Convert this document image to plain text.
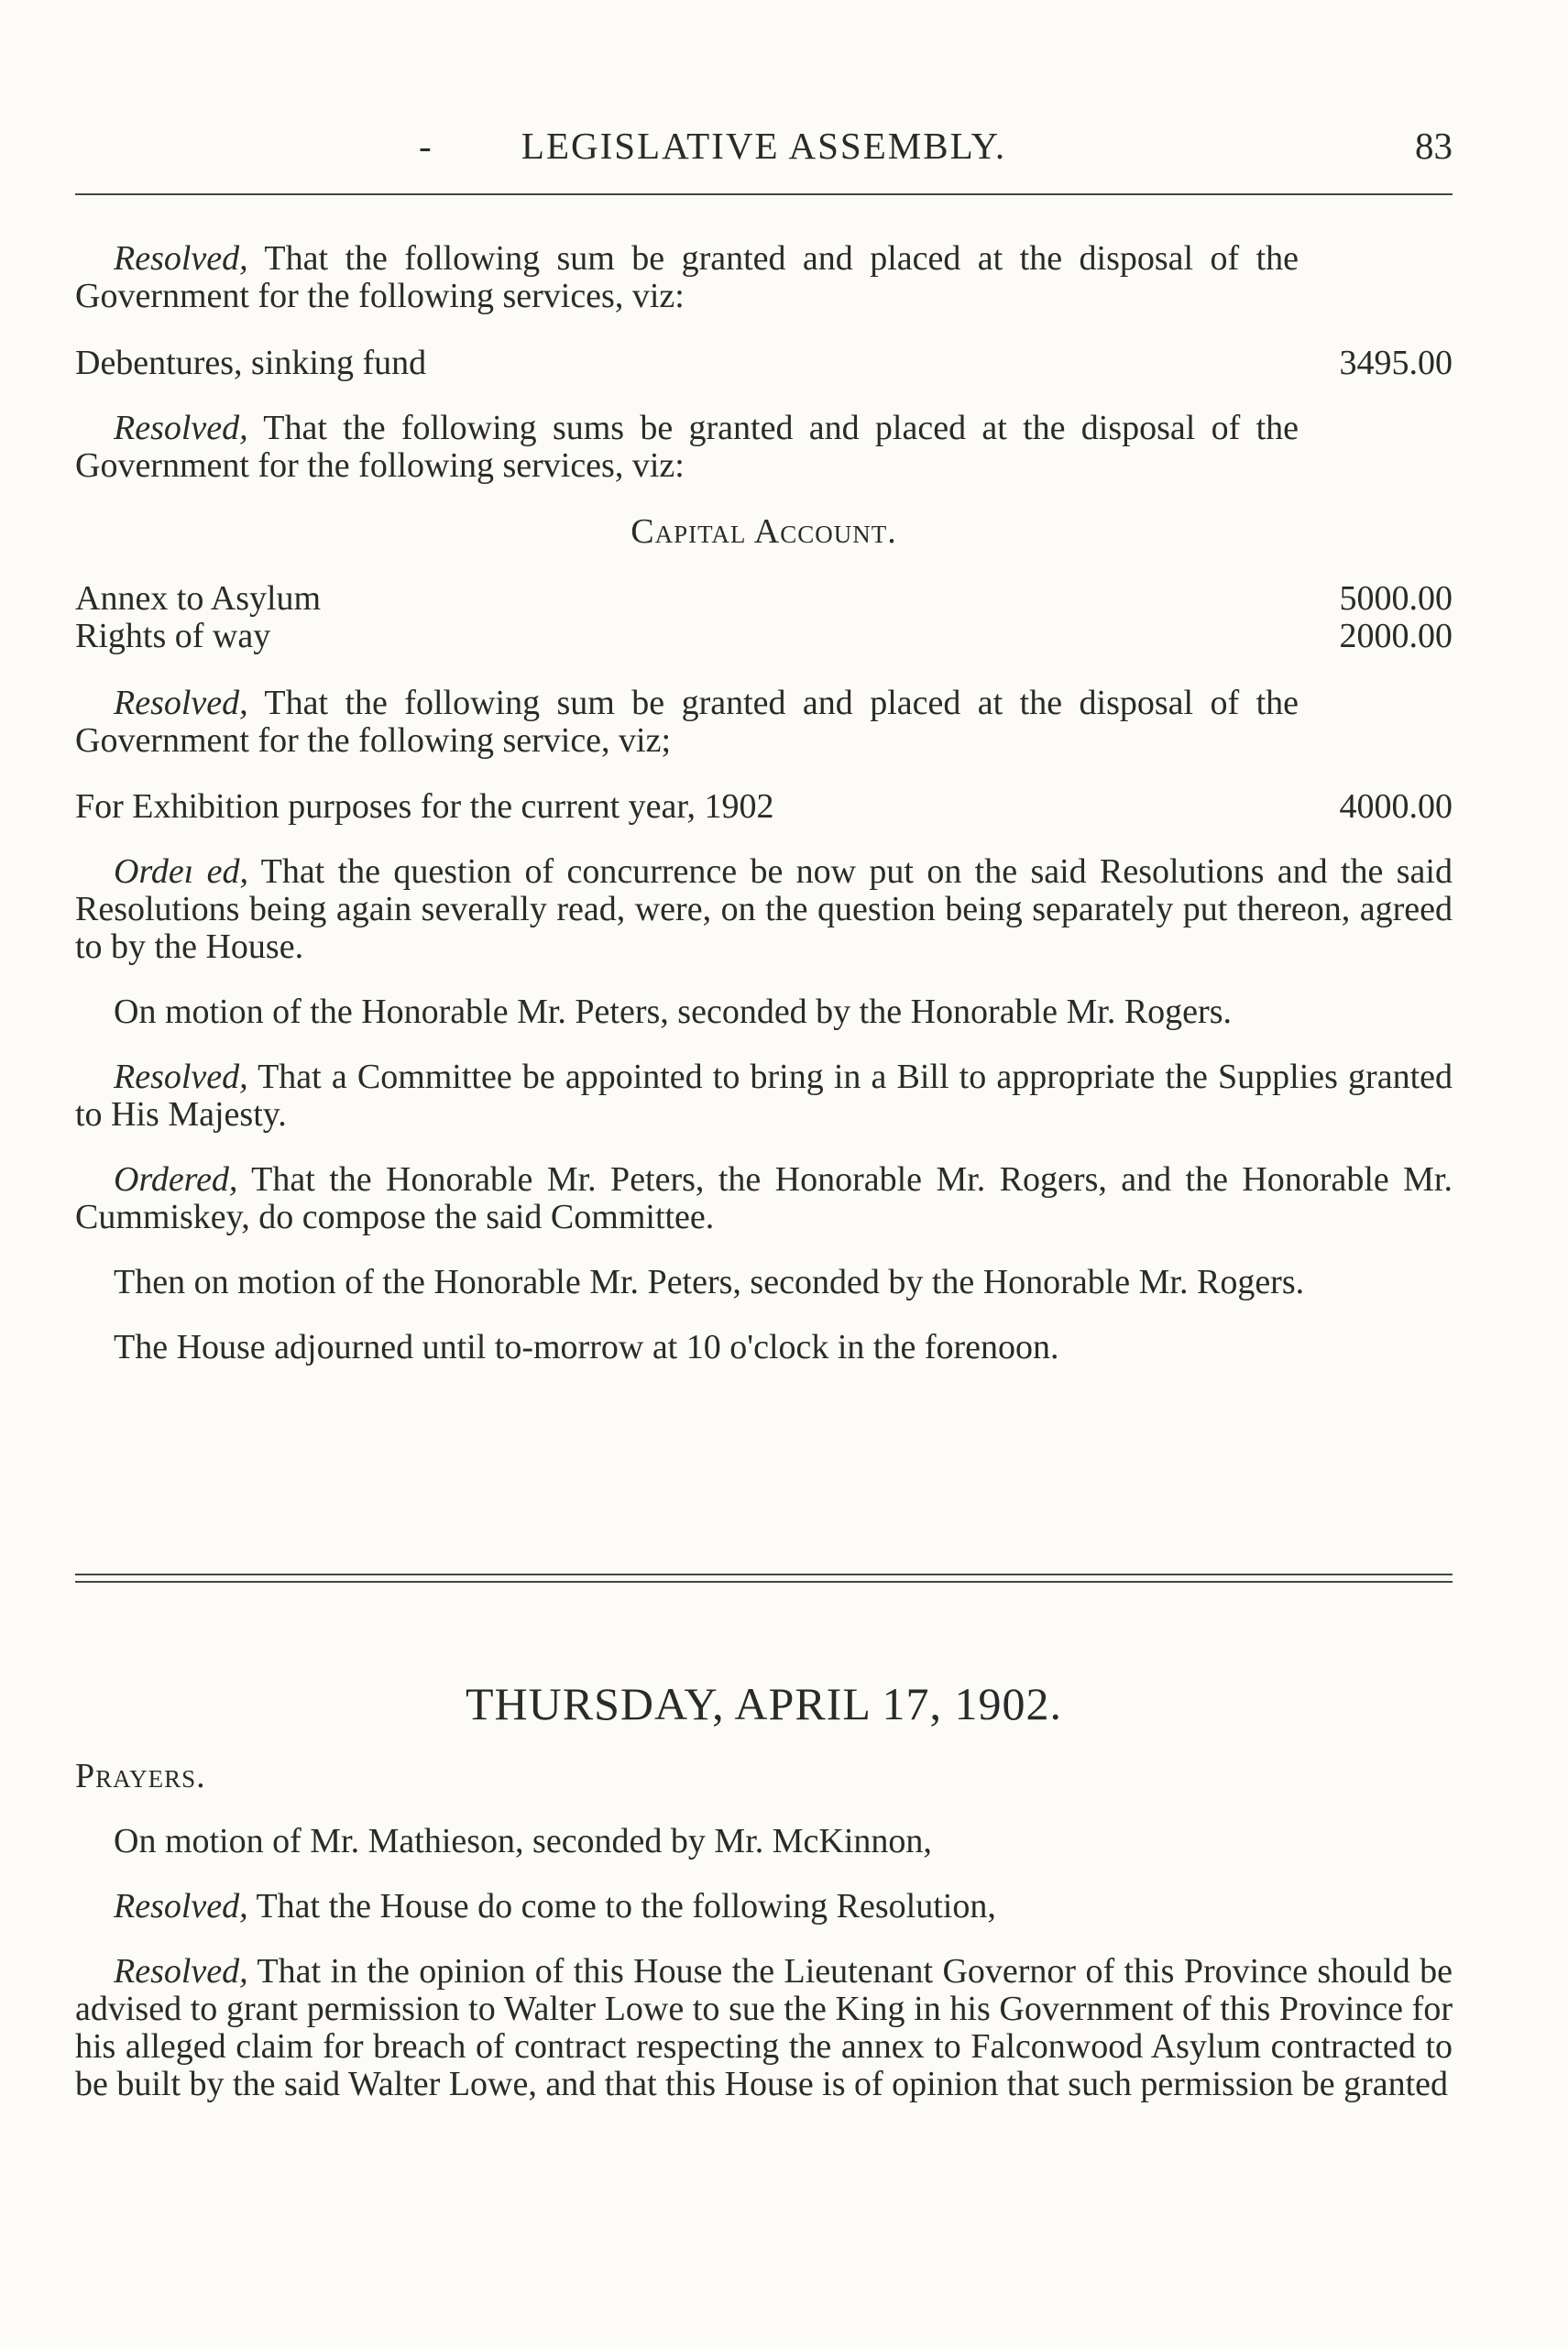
- LEGISLATIVE ASSEMBLY.	83

Resolved, That the following sum be granted and placed at the disposal of the Government for the following services, viz:

Debentures, sinking fund	3495.00

Resolved, That the following sums be granted and placed at the disposal of the Government for the following services, viz:

Capital Account.
Annex to Asylum	5000.00
Rights of way	2000.00

Resolved, That the following sum be granted and placed at the disposal of the Government for the following service, viz;

For Exhibition purposes for the current year, 1902	4000.00

Ordeı ed, That the question of concurrence be now put on the said Resolutions and the said Resolutions being again severally read, were, on the question being separately put thereon, agreed to by the House.

On motion of the Honorable Mr. Peters, seconded by the Honorable Mr. Rogers.

Resolved, That a Committee be appointed to bring in a Bill to appropriate the Supplies granted to His Majesty.

Ordered, That the Honorable Mr. Peters, the Honorable Mr. Rogers, and the Honorable Mr. Cummiskey, do compose the said Committee.

Then on motion of the Honorable Mr. Peters, seconded by the Honorable Mr. Rogers.

The House adjourned until to-morrow at 10 o'clock in the forenoon.

THURSDAY, APRIL 17, 1902.
Prayers.

On motion of Mr. Mathieson, seconded by Mr. McKinnon,

Resolved, That the House do come to the following Resolution,

Resolved, That in the opinion of this House the Lieutenant Governor of this Province should be advised to grant permission to Walter Lowe to sue the King in his Government of this Province for his alleged claim for breach of contract respecting the annex to Falconwood Asylum contracted to be built by the said Walter Lowe, and that this House is of opinion that such permission be granted
